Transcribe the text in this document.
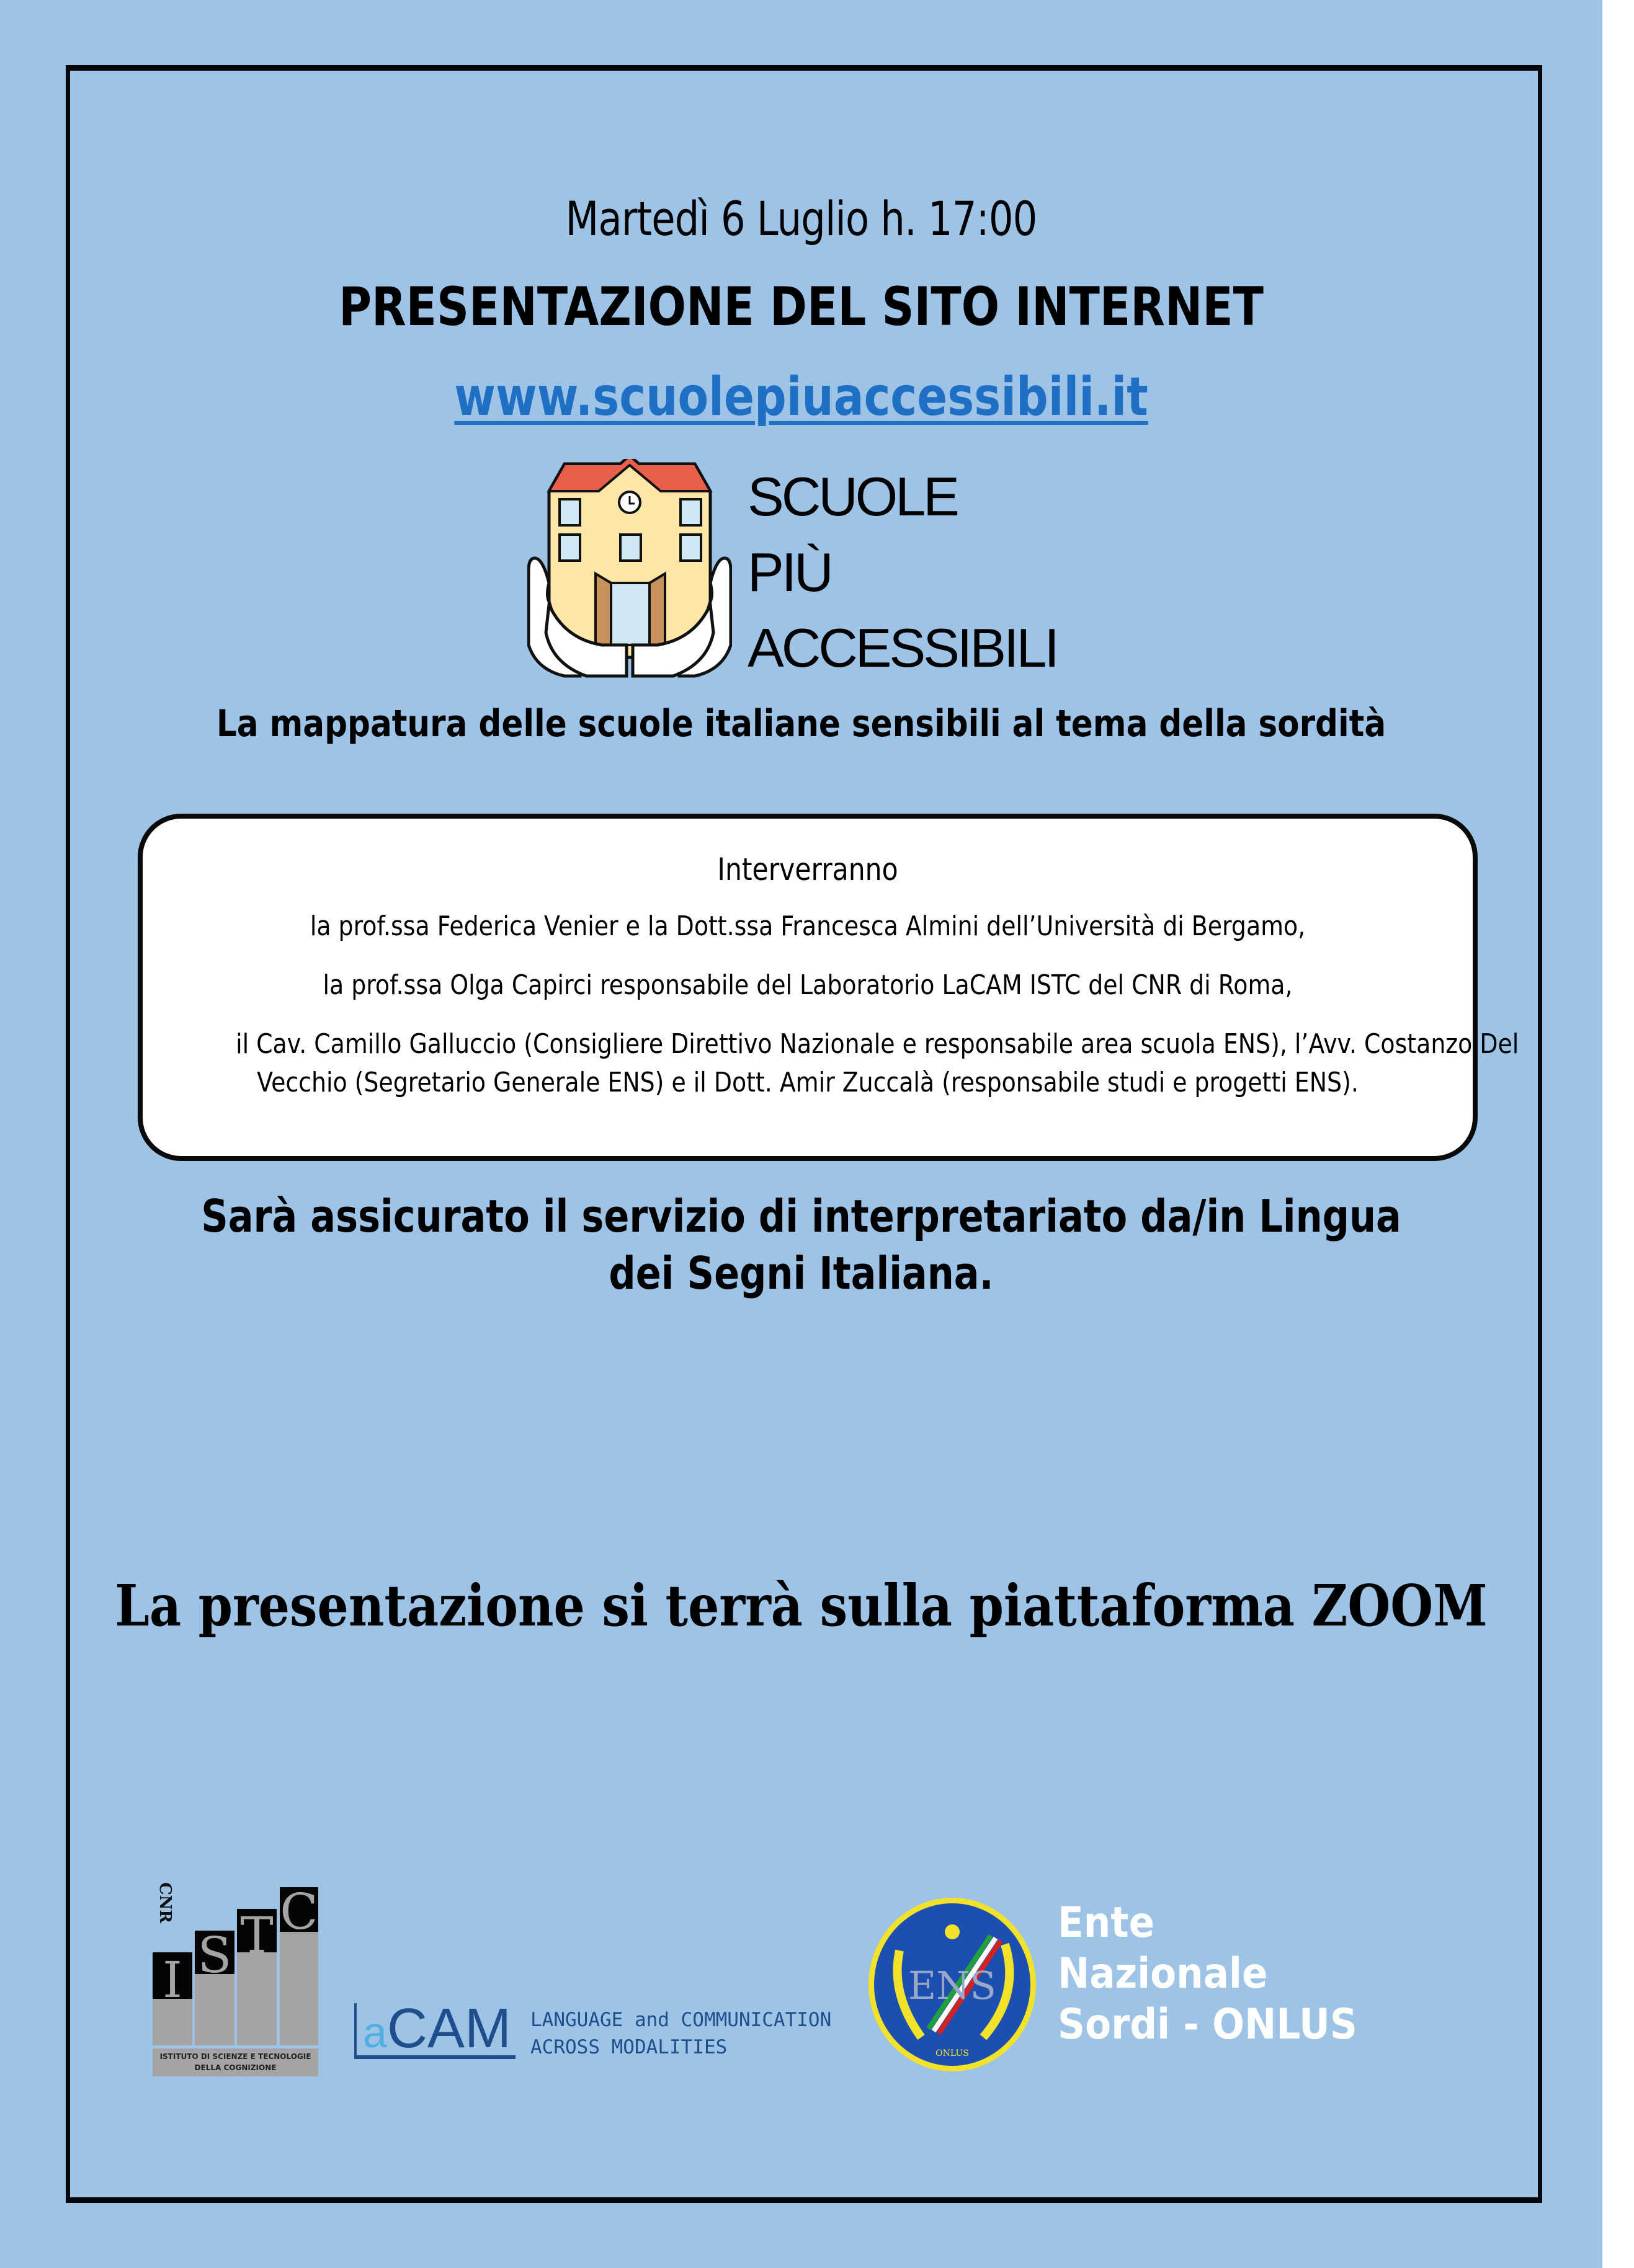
Martedì 6 Luglio h. 17:00
PRESENTAZIONE DEL SITO INTERNET
www.scuolepiuaccessibili.it
SCUOLE
PIÙ
ACCESSIBILI
La mappatura delle scuole italiane sensibili al tema della sordità
Interverranno
la prof.ssa Federica Venier e la Dott.ssa Francesca Almini dell’Università di Bergamo,
la prof.ssa Olga Capirci responsabile del Laboratorio LaCAM ISTC del CNR di Roma,
il Cav. Camillo Galluccio (Consigliere Direttivo Nazionale e responsabile area scuola ENS), l’Avv. Costanzo Del
Vecchio (Segretario Generale ENS) e il Dott. Amir Zuccalà (responsabile studi e progetti ENS).
Sarà assicurato il servizio di interpretariato da/in Lingua
dei Segni Italiana.
La presentazione si terrà sulla piattaforma ZOOM
CNR
I S T C
ISTITUTO DI SCIENZE E TECNOLOGIE
DELLA COGNIZIONE
aCAM LANGUAGE and COMMUNICATION
ACROSS MODALITIES
ENS
ONLUS
Ente
Nazionale
Sordi - ONLUS
